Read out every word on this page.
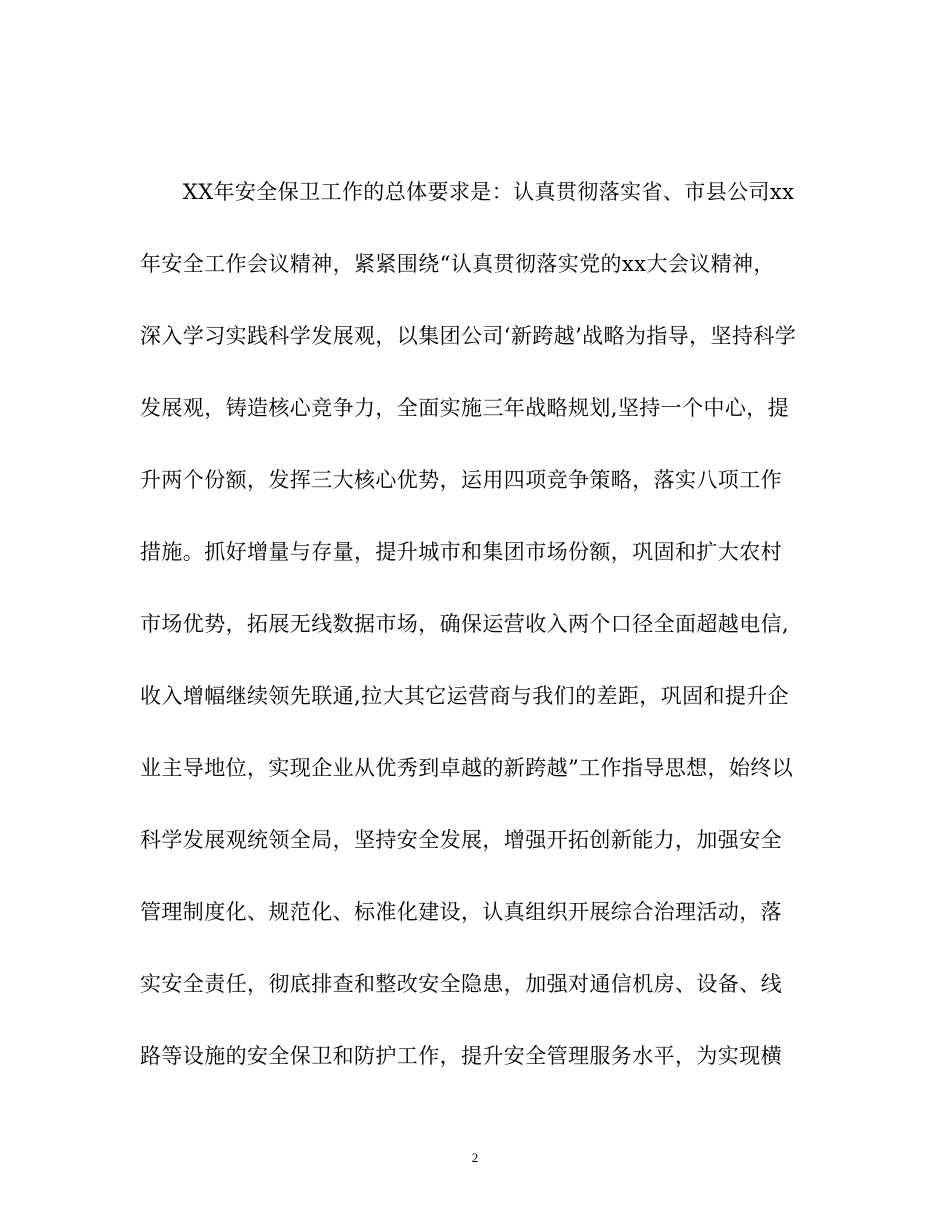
　　XX年安全保卫工作的总体要求是：认真贯彻落实省、市县公司xx
年安全工作会议精神，紧紧围绕“认真贯彻落实党的xx大会议精神，
深入学习实践科学发展观，以集团公司‘新跨越’战略为指导，坚持科学
发展观，铸造核心竞争力，全面实施三年战略规划,坚持一个中心，提
升两个份额，发挥三大核心优势，运用四项竞争策略，落实八项工作
措施。抓好增量与存量，提升城市和集团市场份额，巩固和扩大农村
市场优势，拓展无线数据市场，确保运营收入两个口径全面超越电信,
收入增幅继续领先联通,拉大其它运营商与我们的差距，巩固和提升企
业主导地位，实现企业从优秀到卓越的新跨越”工作指导思想，始终以
科学发展观统领全局，坚持安全发展，增强开拓创新能力，加强安全
管理制度化、规范化、标准化建设，认真组织开展综合治理活动，落
实安全责任，彻底排查和整改安全隐患，加强对通信机房、设备、线
路等设施的安全保卫和防护工作，提升安全管理服务水平，为实现横
2
